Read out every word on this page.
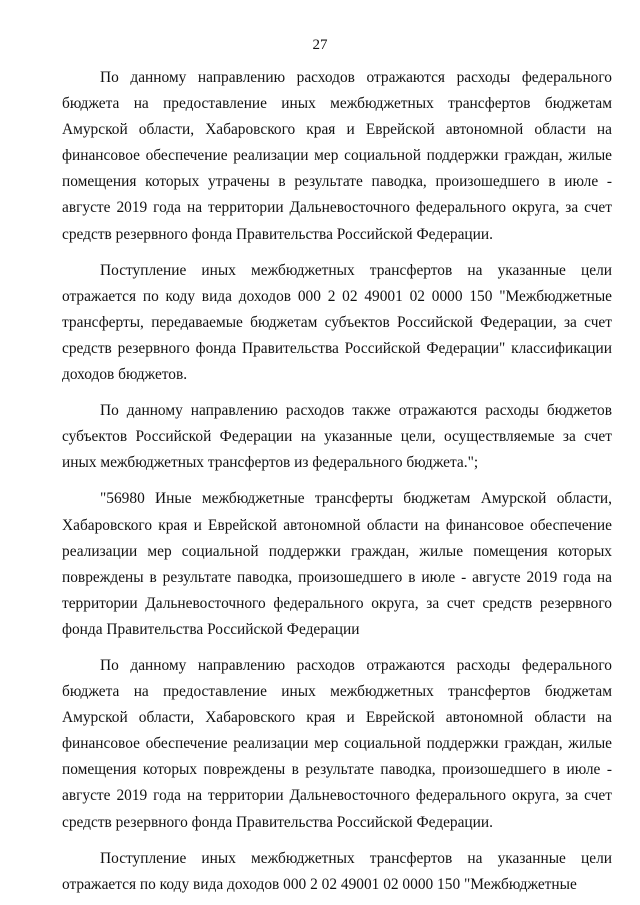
27

По данному направлению расходов отражаются расходы федерального бюджета на предоставление иных межбюджетных трансфертов бюджетам Амурской области, Хабаровского края и Еврейской автономной области на финансовое обеспечение реализации мер социальной поддержки граждан, жилые помещения которых утрачены в результате паводка, произошедшего в июле - августе 2019 года на территории Дальневосточного федерального округа, за счет средств резервного фонда Правительства Российской Федерации.

Поступление иных межбюджетных трансфертов на указанные цели отражается по коду вида доходов 000 2 02 49001 02 0000 150 "Межбюджетные трансферты, передаваемые бюджетам субъектов Российской Федерации, за счет средств резервного фонда Правительства Российской Федерации" классификации доходов бюджетов.

По данному направлению расходов также отражаются расходы бюджетов субъектов Российской Федерации на указанные цели, осуществляемые за счет иных межбюджетных трансфертов из федерального бюджета.";

"56980 Иные межбюджетные трансферты бюджетам Амурской области, Хабаровского края и Еврейской автономной области на финансовое обеспечение реализации мер социальной поддержки граждан, жилые помещения которых повреждены в результате паводка, произошедшего в июле - августе 2019 года на территории Дальневосточного федерального округа, за счет средств резервного фонда Правительства Российской Федерации

По данному направлению расходов отражаются расходы федерального бюджета на предоставление иных межбюджетных трансфертов бюджетам Амурской области, Хабаровского края и Еврейской автономной области на финансовое обеспечение реализации мер социальной поддержки граждан, жилые помещения которых повреждены в результате паводка, произошедшего в июле - августе 2019 года на территории Дальневосточного федерального округа, за счет средств резервного фонда Правительства Российской Федерации.

Поступление иных межбюджетных трансфертов на указанные цели отражается по коду вида доходов 000 2 02 49001 02 0000 150 "Межбюджетные
